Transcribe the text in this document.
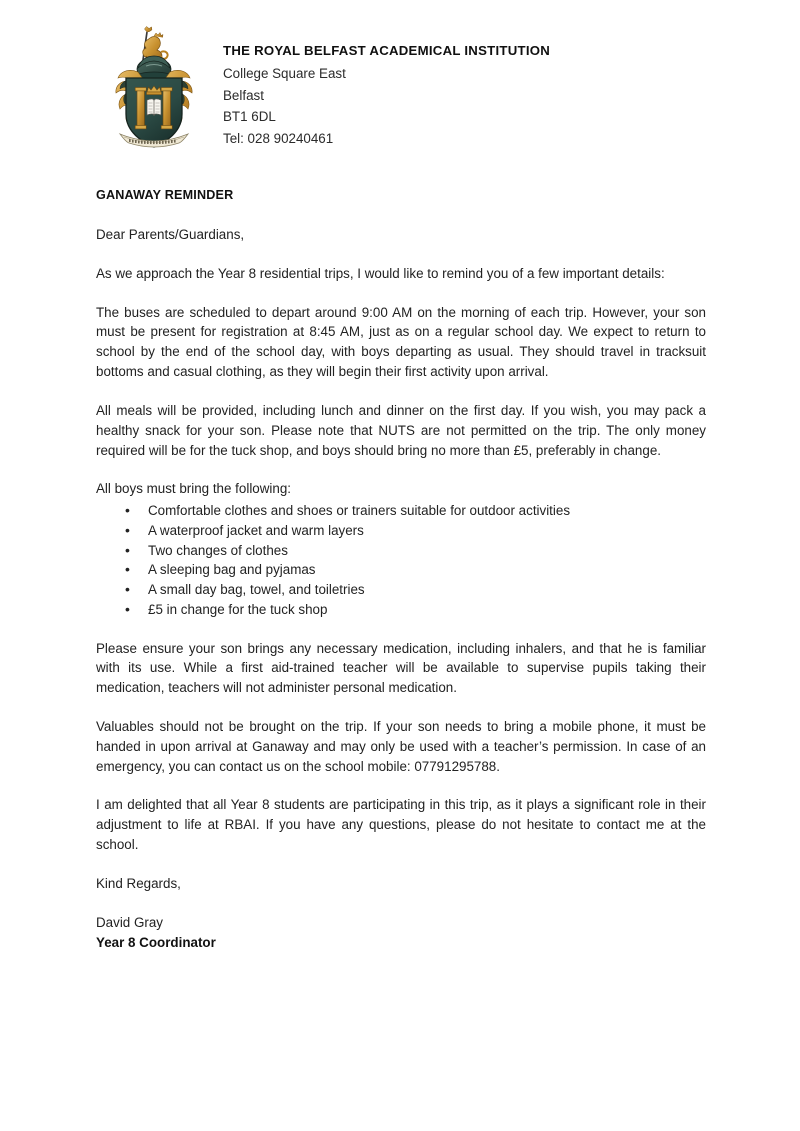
THE ROYAL BELFAST ACADEMICAL INSTITUTION
College Square East
Belfast
BT1 6DL
Tel: 028 90240461
GANAWAY REMINDER

Dear Parents/Guardians,

As we approach the Year 8 residential trips, I would like to remind you of a few important details:

The buses are scheduled to depart around 9:00 AM on the morning of each trip. However, your son must be present for registration at 8:45 AM, just as on a regular school day. We expect to return to school by the end of the school day, with boys departing as usual. They should travel in tracksuit bottoms and casual clothing, as they will begin their first activity upon arrival.

All meals will be provided, including lunch and dinner on the first day. If you wish, you may pack a healthy snack for your son. Please note that NUTS are not permitted on the trip. The only money required will be for the tuck shop, and boys should bring no more than £5, preferably in change.

All boys must bring the following:

• Comfortable clothes and shoes or trainers suitable for outdoor activities
• A waterproof jacket and warm layers
• Two changes of clothes
• A sleeping bag and pyjamas
• A small day bag, towel, and toiletries
• £5 in change for the tuck shop

Please ensure your son brings any necessary medication, including inhalers, and that he is familiar with its use. While a first aid-trained teacher will be available to supervise pupils taking their medication, teachers will not administer personal medication.

Valuables should not be brought on the trip. If your son needs to bring a mobile phone, it must be handed in upon arrival at Ganaway and may only be used with a teacher’s permission. In case of an emergency, you can contact us on the school mobile: 07791295788.

I am delighted that all Year 8 students are participating in this trip, as it plays a significant role in their adjustment to life at RBAI. If you have any questions, please do not hesitate to contact me at the school.

Kind Regards,

David Gray
Year 8 Coordinator
